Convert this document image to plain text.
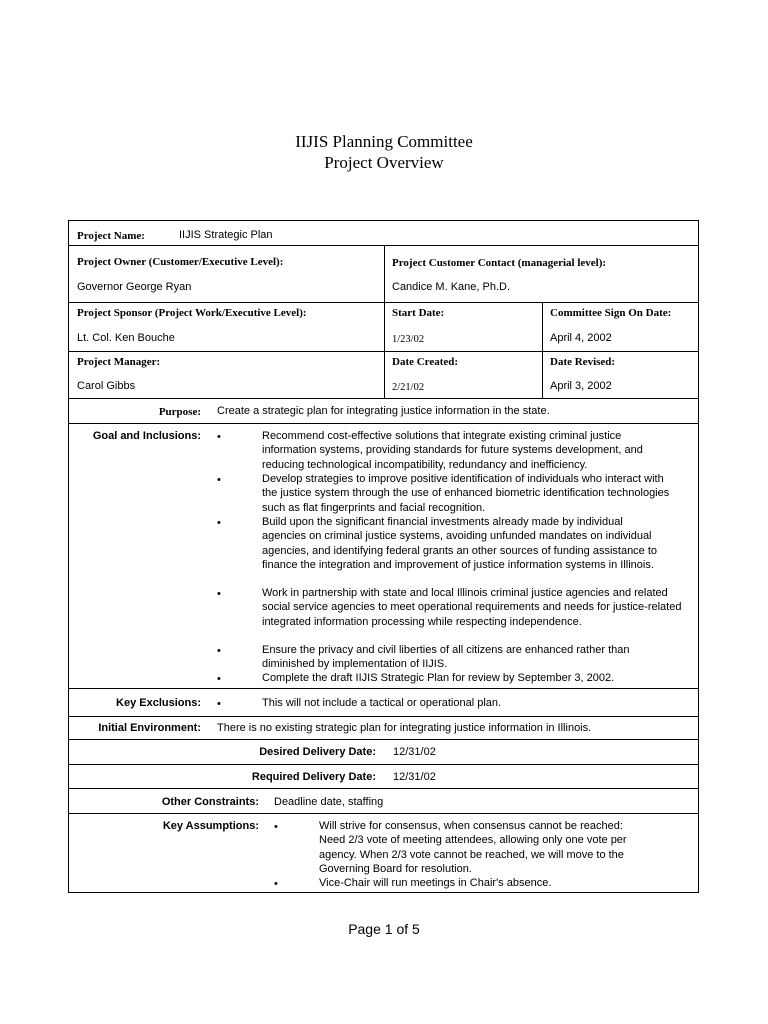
IIJIS Planning Committee
Project Overview
Project Name:	IIJIS Strategic Plan
Project Owner (Customer/Executive Level):
Governor George Ryan
Project Customer Contact (managerial level):
Candice M. Kane, Ph.D.
Project Sponsor (Project Work/Executive Level):
Lt. Col. Ken Bouche
Start Date:
1/23/02
Committee Sign On Date:
April 4, 2002
Project Manager:
Carol Gibbs
Date Created:
2/21/02
Date Revised:
April 3, 2002
Purpose: Create a strategic plan for integrating justice information in the state.
Goal and Inclusions: •	Recommend cost-effective solutions that integrate existing criminal justice information systems, providing standards for future systems development, and reducing technological incompatibility, redundancy and inefficiency.
•	Develop strategies to improve positive identification of individuals who interact with the justice system through the use of enhanced biometric identification technologies such as flat fingerprints and facial recognition.
•	Build upon the significant financial investments already made by individual agencies on criminal justice systems, avoiding unfunded mandates on individual agencies, and identifying federal grants an other sources of funding assistance to finance the integration and improvement of justice information systems in Illinois.
•	Work in partnership with state and local Illinois criminal justice agencies and related social service agencies to meet operational requirements and needs for justice-related integrated information processing while respecting independence.
•	Ensure the privacy and civil liberties of all citizens are enhanced rather than diminished by implementation of IIJIS.
•	Complete the draft IIJIS Strategic Plan for review by September 3, 2002.
Key Exclusions: •	This will not include a tactical or operational plan.
Initial Environment: There is no existing strategic plan for integrating justice information in Illinois.
Desired Delivery Date: 12/31/02
Required Delivery Date: 12/31/02
Other Constraints: Deadline date, staffing
Key Assumptions: •	Will strive for consensus, when consensus cannot be reached: Need 2/3 vote of meeting attendees, allowing only one vote per agency. When 2/3 vote cannot be reached, we will move to the Governing Board for resolution.
•	Vice-Chair will run meetings in Chair's absence.
Page 1 of 5
